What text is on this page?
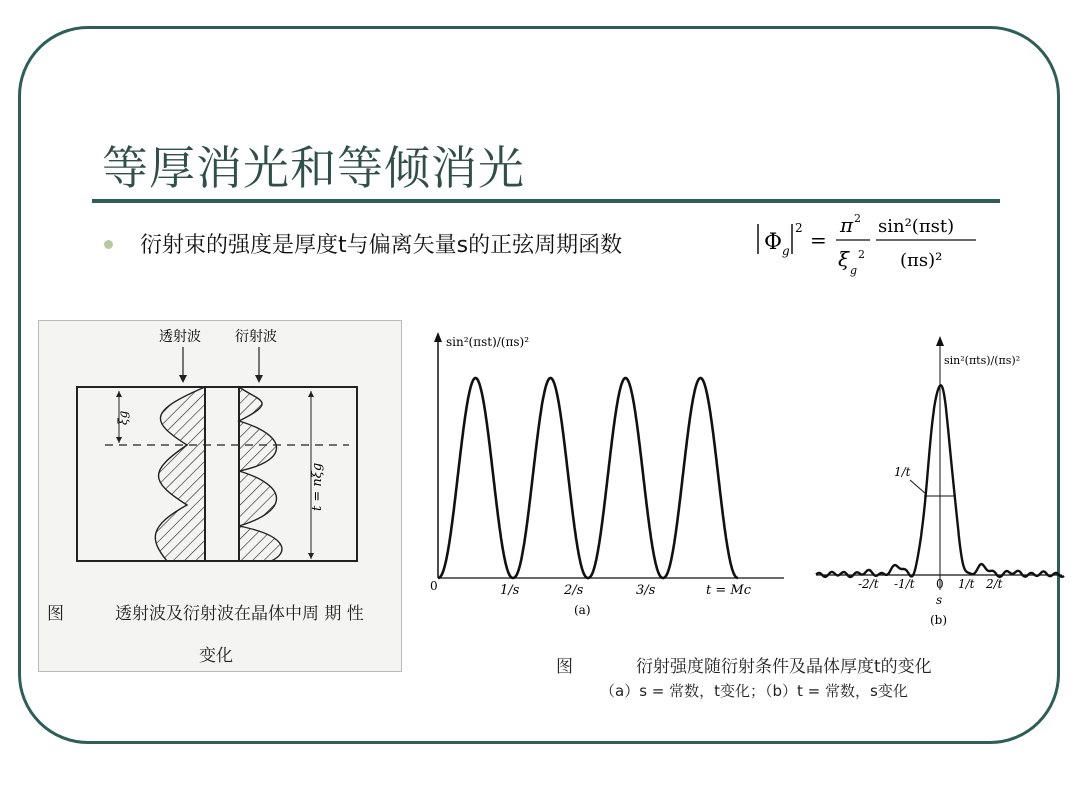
等厚消光和等倾消光
衍射束的强度是厚度t与偏离矢量s的正弦周期函数	Φ g
2 =
π 2
ξ g
2
sin²(πst)
(πs)²
透射波 衍射波
ξg
t = nξg
图　　　透射波及衍射波在晶体中周 期 性
变化
sin²(πst)/(πs)²
0	1/s	2/s	3/s	t = Mc
(a)
sin²(πts)/(πs)²
1/t
-2/t -1/t 0 1/t 2/t
s
(b)
图	衍射强度随衍射条件及晶体厚度t的变化
（a）s = 常数，t变化；（b）t = 常数，s变化
